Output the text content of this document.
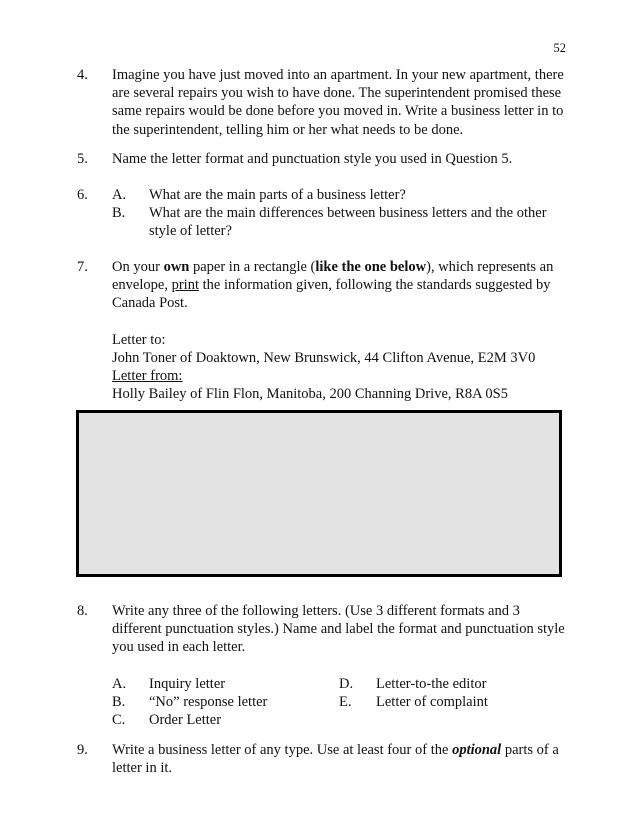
52
4. Imagine you have just moved into an apartment. In your new apartment, there
are several repairs you wish to have done. The superintendent promised these
same repairs would be done before you moved in. Write a business letter in to
the superintendent, telling him or her what needs to be done.
5. Name the letter format and punctuation style you used in Question 5.
6. A. What are the main parts of a business letter?
B. What are the main differences between business letters and the other
style of letter?
7. On your own paper in a rectangle (like the one below), which represents an
envelope, print the information given, following the standards suggested by
Canada Post.
Letter to:
John Toner of Doaktown, New Brunswick, 44 Clifton Avenue, E2M 3V0
Letter from:
Holly Bailey of Flin Flon, Manitoba, 200 Channing Drive, R8A 0S5
8. Write any three of the following letters. (Use 3 different formats and 3
different punctuation styles.) Name and label the format and punctuation style
you used in each letter.
A. Inquiry letter
B. “No” response letter
C. Order Letter
D. Letter-to-the editor
E. Letter of complaint
9. Write a business letter of any type. Use at least four of the optional parts of a
letter in it.
